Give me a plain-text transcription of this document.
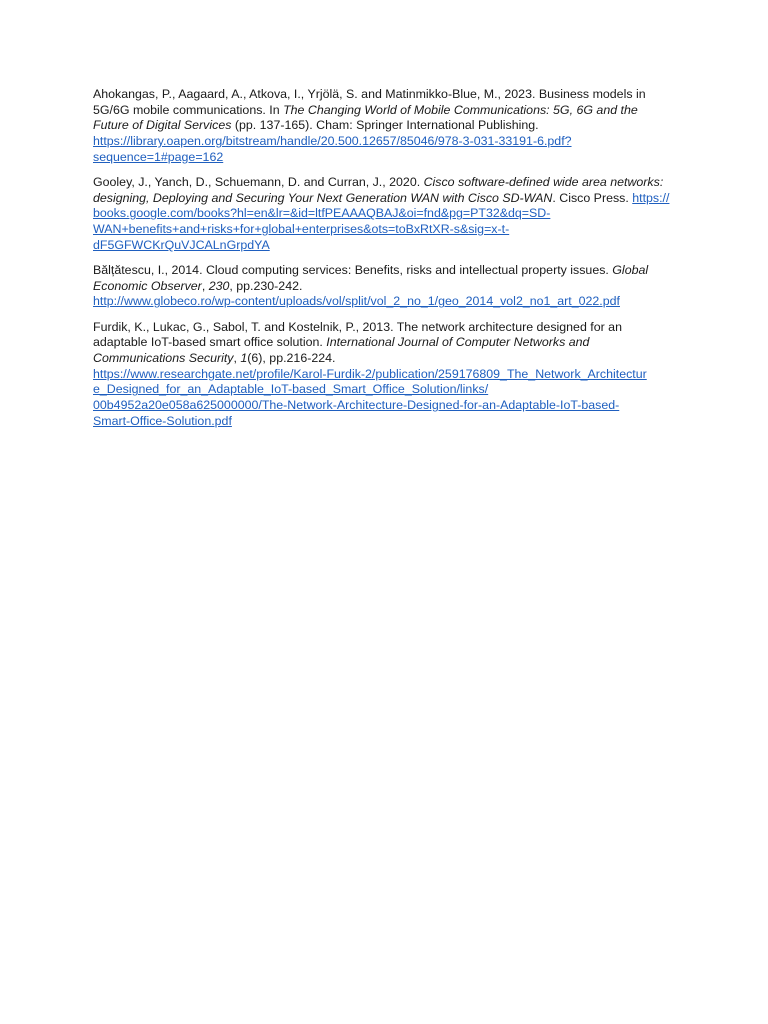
Ahokangas, P., Aagaard, A., Atkova, I., Yrjölä, S. and Matinmikko-Blue, M., 2023. Business models in 5G/6G mobile communications. In The Changing World of Mobile Communications: 5G, 6G and the Future of Digital Services (pp. 137-165). Cham: Springer International Publishing.
https://library.oapen.org/bitstream/handle/20.500.12657/85046/978-3-031-33191-6.pdf?
sequence=1#page=162

Gooley, J., Yanch, D., Schuemann, D. and Curran, J., 2020. Cisco software-defined wide area networks: designing, Deploying and Securing Your Next Generation WAN with Cisco SD-WAN. Cisco Press. https://books.google.com/books?hl=en&lr=&id=ltfPEAAAQBAJ&oi=fnd&pg=PT32&dq=SD-
WAN+benefits+and+risks+for+global+enterprises&ots=toBxRtXR-s&sig=x-t-
dF5GFWCKrQuVJCALnGrpdYA

Bălțătescu, I., 2014. Cloud computing services: Benefits, risks and intellectual property issues. Global Economic Observer, 230, pp.230-242.
http://www.globeco.ro/wp-content/uploads/vol/split/vol_2_no_1/geo_2014_vol2_no1_art_022.pdf

Furdik, K., Lukac, G., Sabol, T. and Kostelnik, P., 2013. The network architecture designed for an adaptable IoT-based smart office solution. International Journal of Computer Networks and Communications Security, 1(6), pp.216-224.
https://www.researchgate.net/profile/Karol-Furdik-2/publication/259176809_The_Network_Architectur
e_Designed_for_an_Adaptable_IoT-based_Smart_Office_Solution/links/
00b4952a20e058a625000000/The-Network-Architecture-Designed-for-an-Adaptable-IoT-based-
Smart-Office-Solution.pdf
